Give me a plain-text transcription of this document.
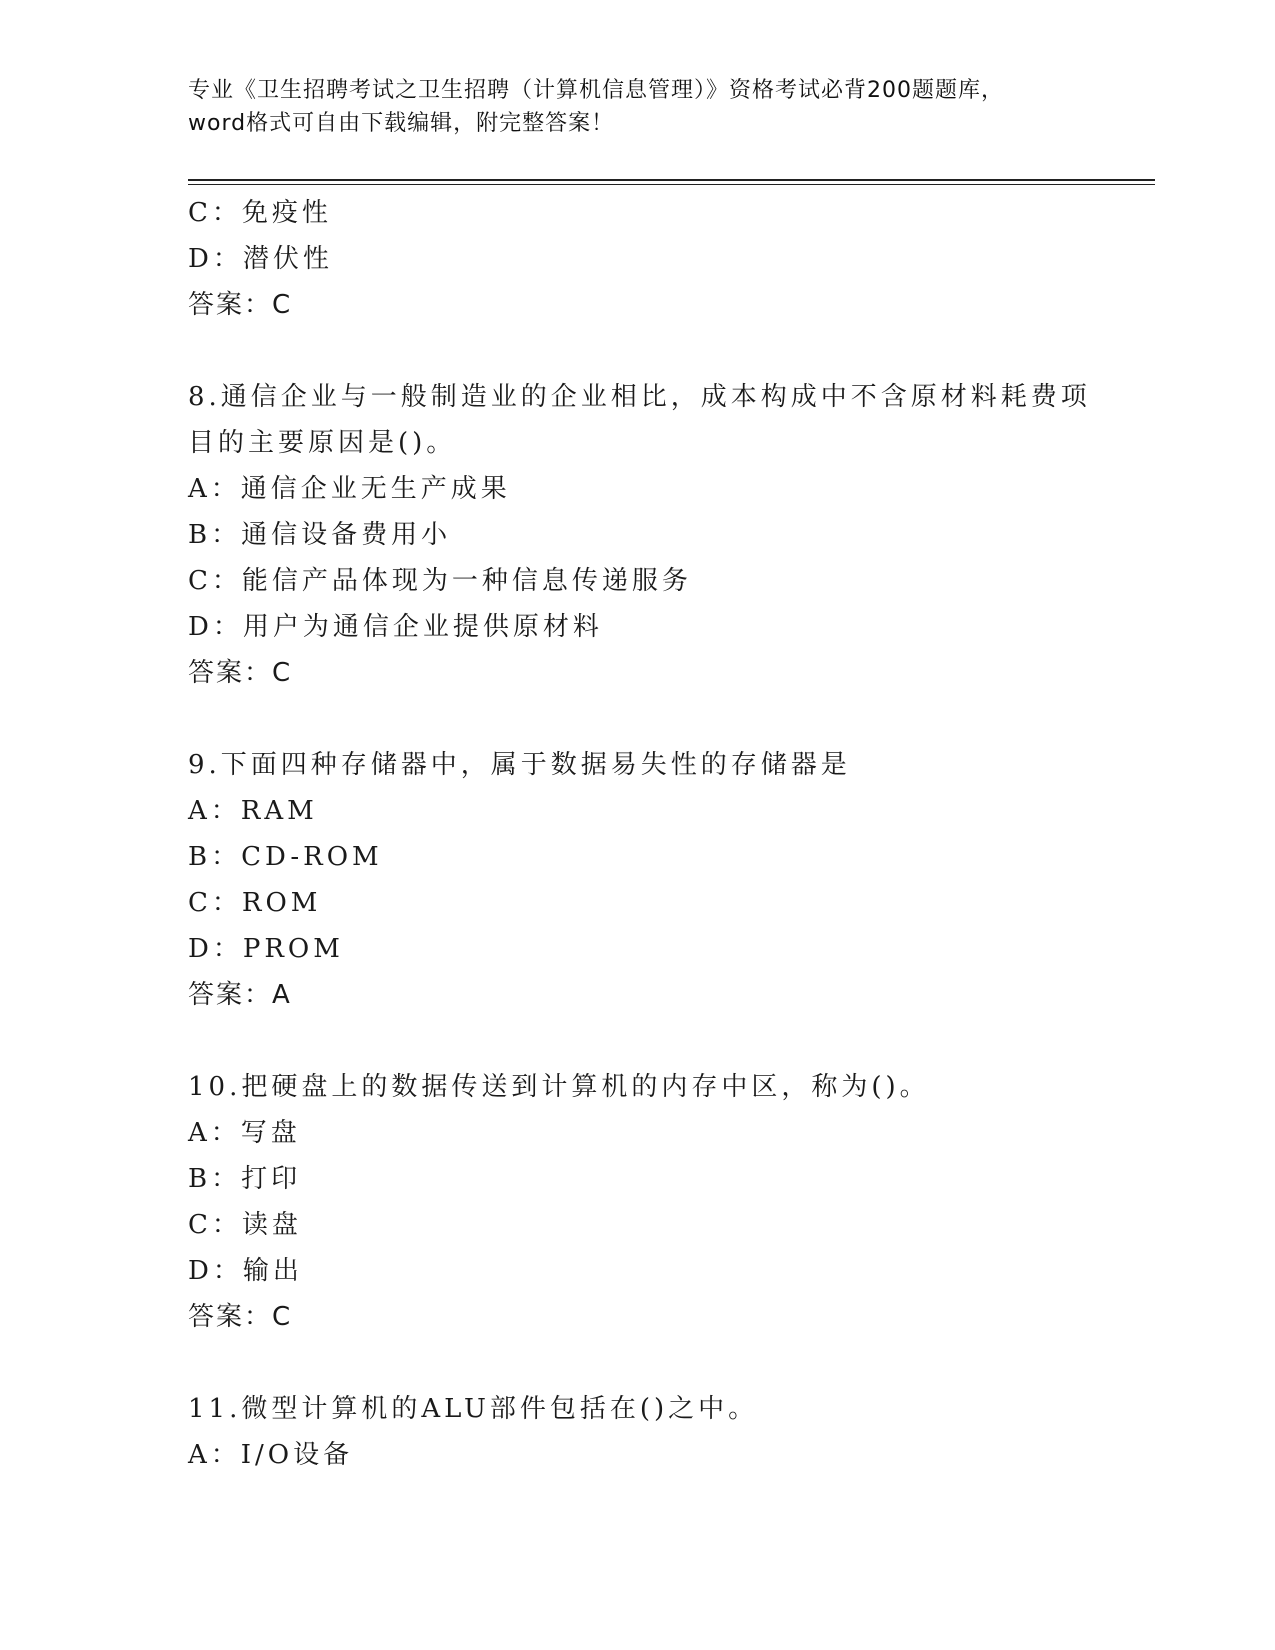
专业《卫生招聘考试之卫生招聘（计算机信息管理）》资格考试必背200题题库，
word格式可自由下载编辑，附完整答案！
C：免疫性
D：潜伏性
答案：C
8.通信企业与一般制造业的企业相比，成本构成中不含原材料耗费项
目的主要原因是()。
A：通信企业无生产成果
B：通信设备费用小
C：能信产品体现为一种信息传递服务
D：用户为通信企业提供原材料
答案：C
9.下面四种存储器中，属于数据易失性的存储器是
A：RAM
B：CD-ROM
C：ROM
D：PROM
答案：A
10.把硬盘上的数据传送到计算机的内存中区，称为()。
A：写盘
B：打印
C：读盘
D：输出
答案：C
11.微型计算机的ALU部件包括在()之中。
A：I/O设备
